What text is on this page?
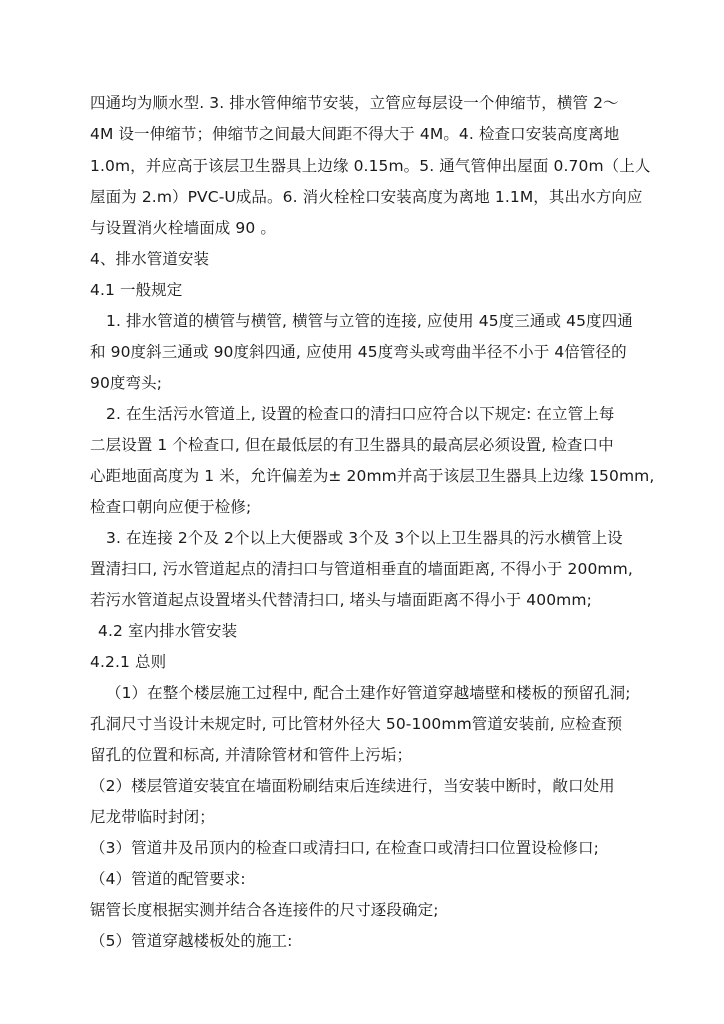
四通均为顺水型. 3. 排水管伸缩节安装，立管应每层设一个伸缩节，横管 2～
4M 设一伸缩节；伸缩节之间最大间距不得大于 4M。4. 检查口安装高度离地
1.0m，并应高于该层卫生器具上边缘 0.15m。5. 通气管伸出屋面 0.70m（上人
屋面为 2.m）PVC-U成品。6. 消火栓栓口安装高度为离地 1.1M，其出水方向应
与设置消火栓墙面成 90 。
4、排水管道安装
4.1 一般规定
1. 排水管道的横管与横管, 横管与立管的连接, 应使用 45度三通或 45度四通
和 90度斜三通或 90度斜四通, 应使用 45度弯头或弯曲半径不小于 4倍管径的
90度弯头;
2. 在生活污水管道上, 设置的检查口的清扫口应符合以下规定: 在立管上每
二层设置 1 个检查口, 但在最低层的有卫生器具的最高层必须设置, 检查口中
心距地面高度为 1 米，允许偏差为± 20mm并高于该层卫生器具上边缘 150mm,
检查口朝向应便于检修;
3. 在连接 2个及 2个以上大便器或 3个及 3个以上卫生器具的污水横管上设
置清扫口, 污水管道起点的清扫口与管道相垂直的墙面距离, 不得小于 200mm,
若污水管道起点设置堵头代替清扫口, 堵头与墙面距离不得小于 400mm;
4.2 室内排水管安装
4.2.1 总则
（1）在整个楼层施工过程中, 配合土建作好管道穿越墙壁和楼板的预留孔洞;
孔洞尺寸当设计未规定时, 可比管材外径大 50-100mm管道安装前, 应检查预
留孔的位置和标高, 并清除管材和管件上污垢；
（2）楼层管道安装宜在墙面粉刷结束后连续进行，当安装中断时，敞口处用
尼龙带临时封闭；
（3）管道井及吊顶内的检查口或清扫口, 在检查口或清扫口位置设检修口;
（4）管道的配管要求:
锯管长度根据实测并结合各连接件的尺寸逐段确定;
（5）管道穿越楼板处的施工:
